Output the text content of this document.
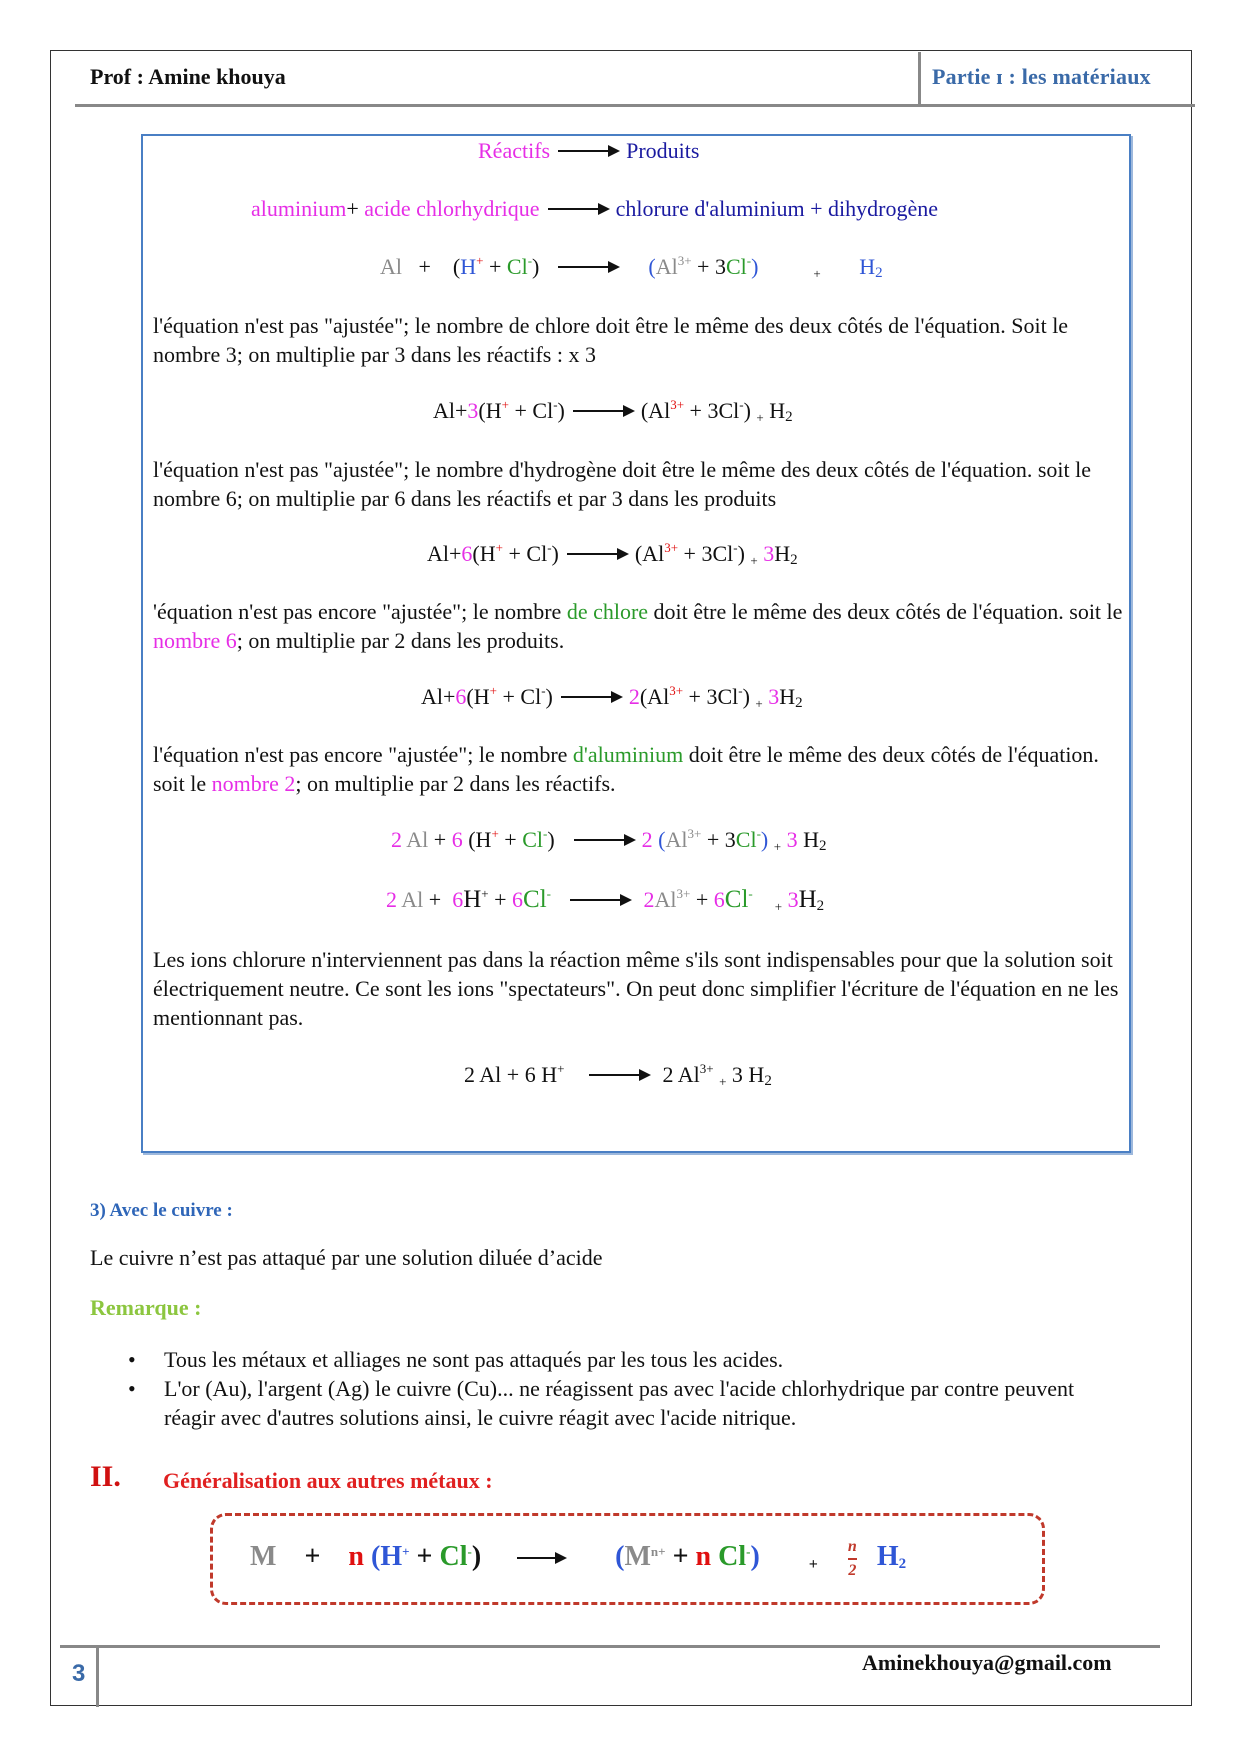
Prof : Amine khouya	Partie ɪ : les matériaux
Réactifs → Produits
aluminium+ acide chlorhydrique → chlorure d'aluminium + dihydrogène
Al   +    $(H^+ + Cl^-) \to (Al^{3+} + 3Cl^-)$	+ $H_2$
l'équation n'est pas "ajustée"; le nombre de chlore doit être le même des deux côtés de l'équation. Soit le nombre 3; on multiplie par 3 dans les réactifs : x 3
$Al+3(H^+ + Cl^-) \to (Al^{3+} + 3Cl^-) + H_2$
l'équation n'est pas "ajustée"; le nombre d'hydrogène doit être le même des deux côtés de l'équation. soit le nombre 6; on multiplie par 6 dans les réactifs et par 3 dans les produits
$Al+6(H^+ + Cl^-) \to (Al^{3+} + 3Cl^-) + 3H_2$
'équation n'est pas encore "ajustée"; le nombre de chlore doit être le même des deux côtés de l'équation. soit le nombre 6; on multiplie par 2 dans les produits.
$Al+6(H^+ + Cl^-) \to 2(Al^{3+} + 3Cl^-) + 3H_2$
l'équation n'est pas encore "ajustée"; le nombre d'aluminium doit être le même des deux côtés de l'équation. soit le nombre 2; on multiplie par 2 dans les réactifs.
2 Al + 6 (H+ + Cl-) → 2 $(Al^{3+} + 3Cl^-) + 3$ $H_2$
2 $Al + 6H^+ + 6Cl^- \to 2Al^{3+} + 6Cl^-$    + $3H_2$
Les ions chlorure n'interviennent pas dans la réaction même s'ils sont indispensables pour que la solution soit électriquement neutre. Ce sont les ions "spectateurs". On peut donc simplifier l'écriture de l'équation en ne les mentionnant pas.
2 Al + 6 H+ → 2 $Al^{3+} + 3$ $H_2$
3) Avec le cuivre :
Le cuivre n’est pas attaqué par une solution diluée d’acide
Remarque :
• Tous les métaux et alliages ne sont pas attaqués par les tous les acides.
• L'or (Au), l'argent (Ag) le cuivre (Cu)... ne réagissent pas avec l'acide chlorhydrique par contre peuvent réagir avec d'autres solutions ainsi, le cuivre réagit avec l'acide nitrique.
II. Généralisation aux autres métaux :
M    +    n $(H^+ + Cl^-) \to (M^{n+} + n$ Cl-)	+ $\frac{n}{2} H_2$
3	Aminekhouya@gmail.com
